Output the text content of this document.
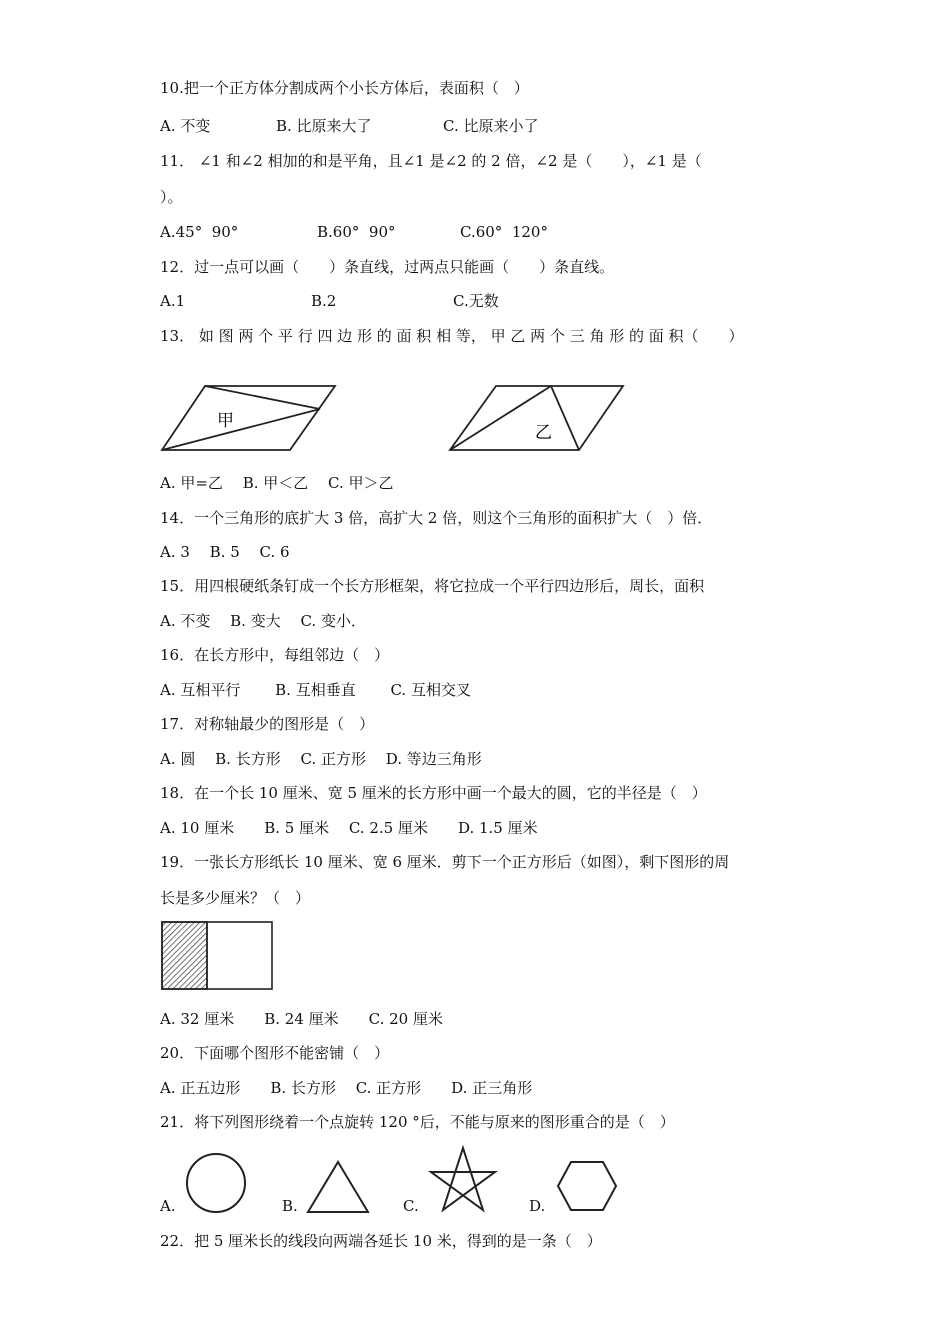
10.把一个正方体分割成两个小长方体后，表面积（　）
A. 不变	B. 比原来大了	C. 比原来小了
11． ∠1 和∠2 相加的和是平角，且∠1 是∠2 的 2 倍，∠2 是（　　），∠1 是（
）。
A.45°  90°	B.60°  90°	C.60°  120°
12．过一点可以画（　　）条直线，过两点只能画（　　）条直线。
A.1	B.2	C.无数
13． 如 图 两 个 平 行 四 边 形 的 面 积 相 等， 甲 乙 两 个 三 角 形 的 面 积（　　）
甲
乙
A. 甲=乙　 B. 甲＜乙　 C. 甲＞乙
14．一个三角形的底扩大 3 倍，高扩大 2 倍，则这个三角形的面积扩大（　）倍．
A. 3　 B. 5　 C. 6
15．用四根硬纸条钉成一个长方形框架，将它拉成一个平行四边形后，周长，面积
A. 不变　 B. 变大　 C. 变小．
16．在长方形中，每组邻边（　）
A. 互相平行　　 B. 互相垂直　　 C. 互相交叉
17．对称轴最少的图形是（　）
A. 圆　 B. 长方形　 C. 正方形　 D. 等边三角形
18．在一个长 10 厘米、宽 5 厘米的长方形中画一个最大的圆，它的半径是（　）
A. 10 厘米　　B. 5 厘米　 C. 2.5 厘米　　D. 1.5 厘米
19．一张长方形纸长 10 厘米、宽 6 厘米．剪下一个正方形后（如图），剩下图形的周
长是多少厘米？（　）
A. 32 厘米　　B. 24 厘米　　C. 20 厘米
20．下面哪个图形不能密铺（　）
A. 正五边形　　B. 长方形　 C. 正方形　　D. 正三角形
21．将下列图形绕着一个点旋转 120 °后，不能与原来的图形重合的是（　）
A.	B.	C.	D.
22．把 5 厘米长的线段向两端各延长 10 米，得到的是一条（　）
